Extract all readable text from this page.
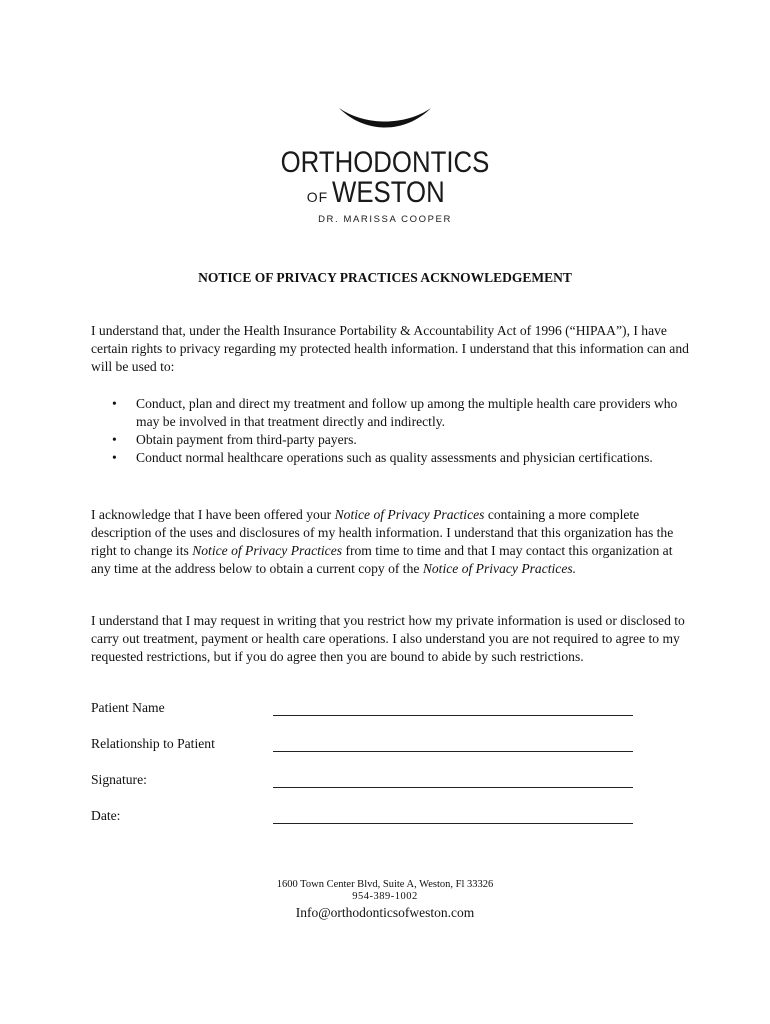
ORTHODONTICS
OF WESTON
DR. MARISSA COOPER
NOTICE OF PRIVACY PRACTICES ACKNOWLEDGEMENT
I understand that, under the Health Insurance Portability & Accountability Act of 1996 (“HIPAA”), I have certain rights to privacy regarding my protected health information. I understand that this information can and will be used to:
• Conduct, plan and direct my treatment and follow up among the multiple health care providers who may be involved in that treatment directly and indirectly.
• Obtain payment from third-party payers.
• Conduct normal healthcare operations such as quality assessments and physician certifications.
I acknowledge that I have been offered your Notice of Privacy Practices containing a more complete description of the uses and disclosures of my health information. I understand that this organization has the right to change its Notice of Privacy Practices from time to time and that I may contact this organization at any time at the address below to obtain a current copy of the Notice of Privacy Practices.
I understand that I may request in writing that you restrict how my private information is used or disclosed to carry out treatment, payment or health care operations. I also understand you are not required to agree to my requested restrictions, but if you do agree then you are bound to abide by such restrictions.
Patient Name
Relationship to Patient
Signature:
Date:
1600 Town Center Blvd, Suite A, Weston, Fl 33326
954-389-1002
Info@orthodonticsofweston.com
